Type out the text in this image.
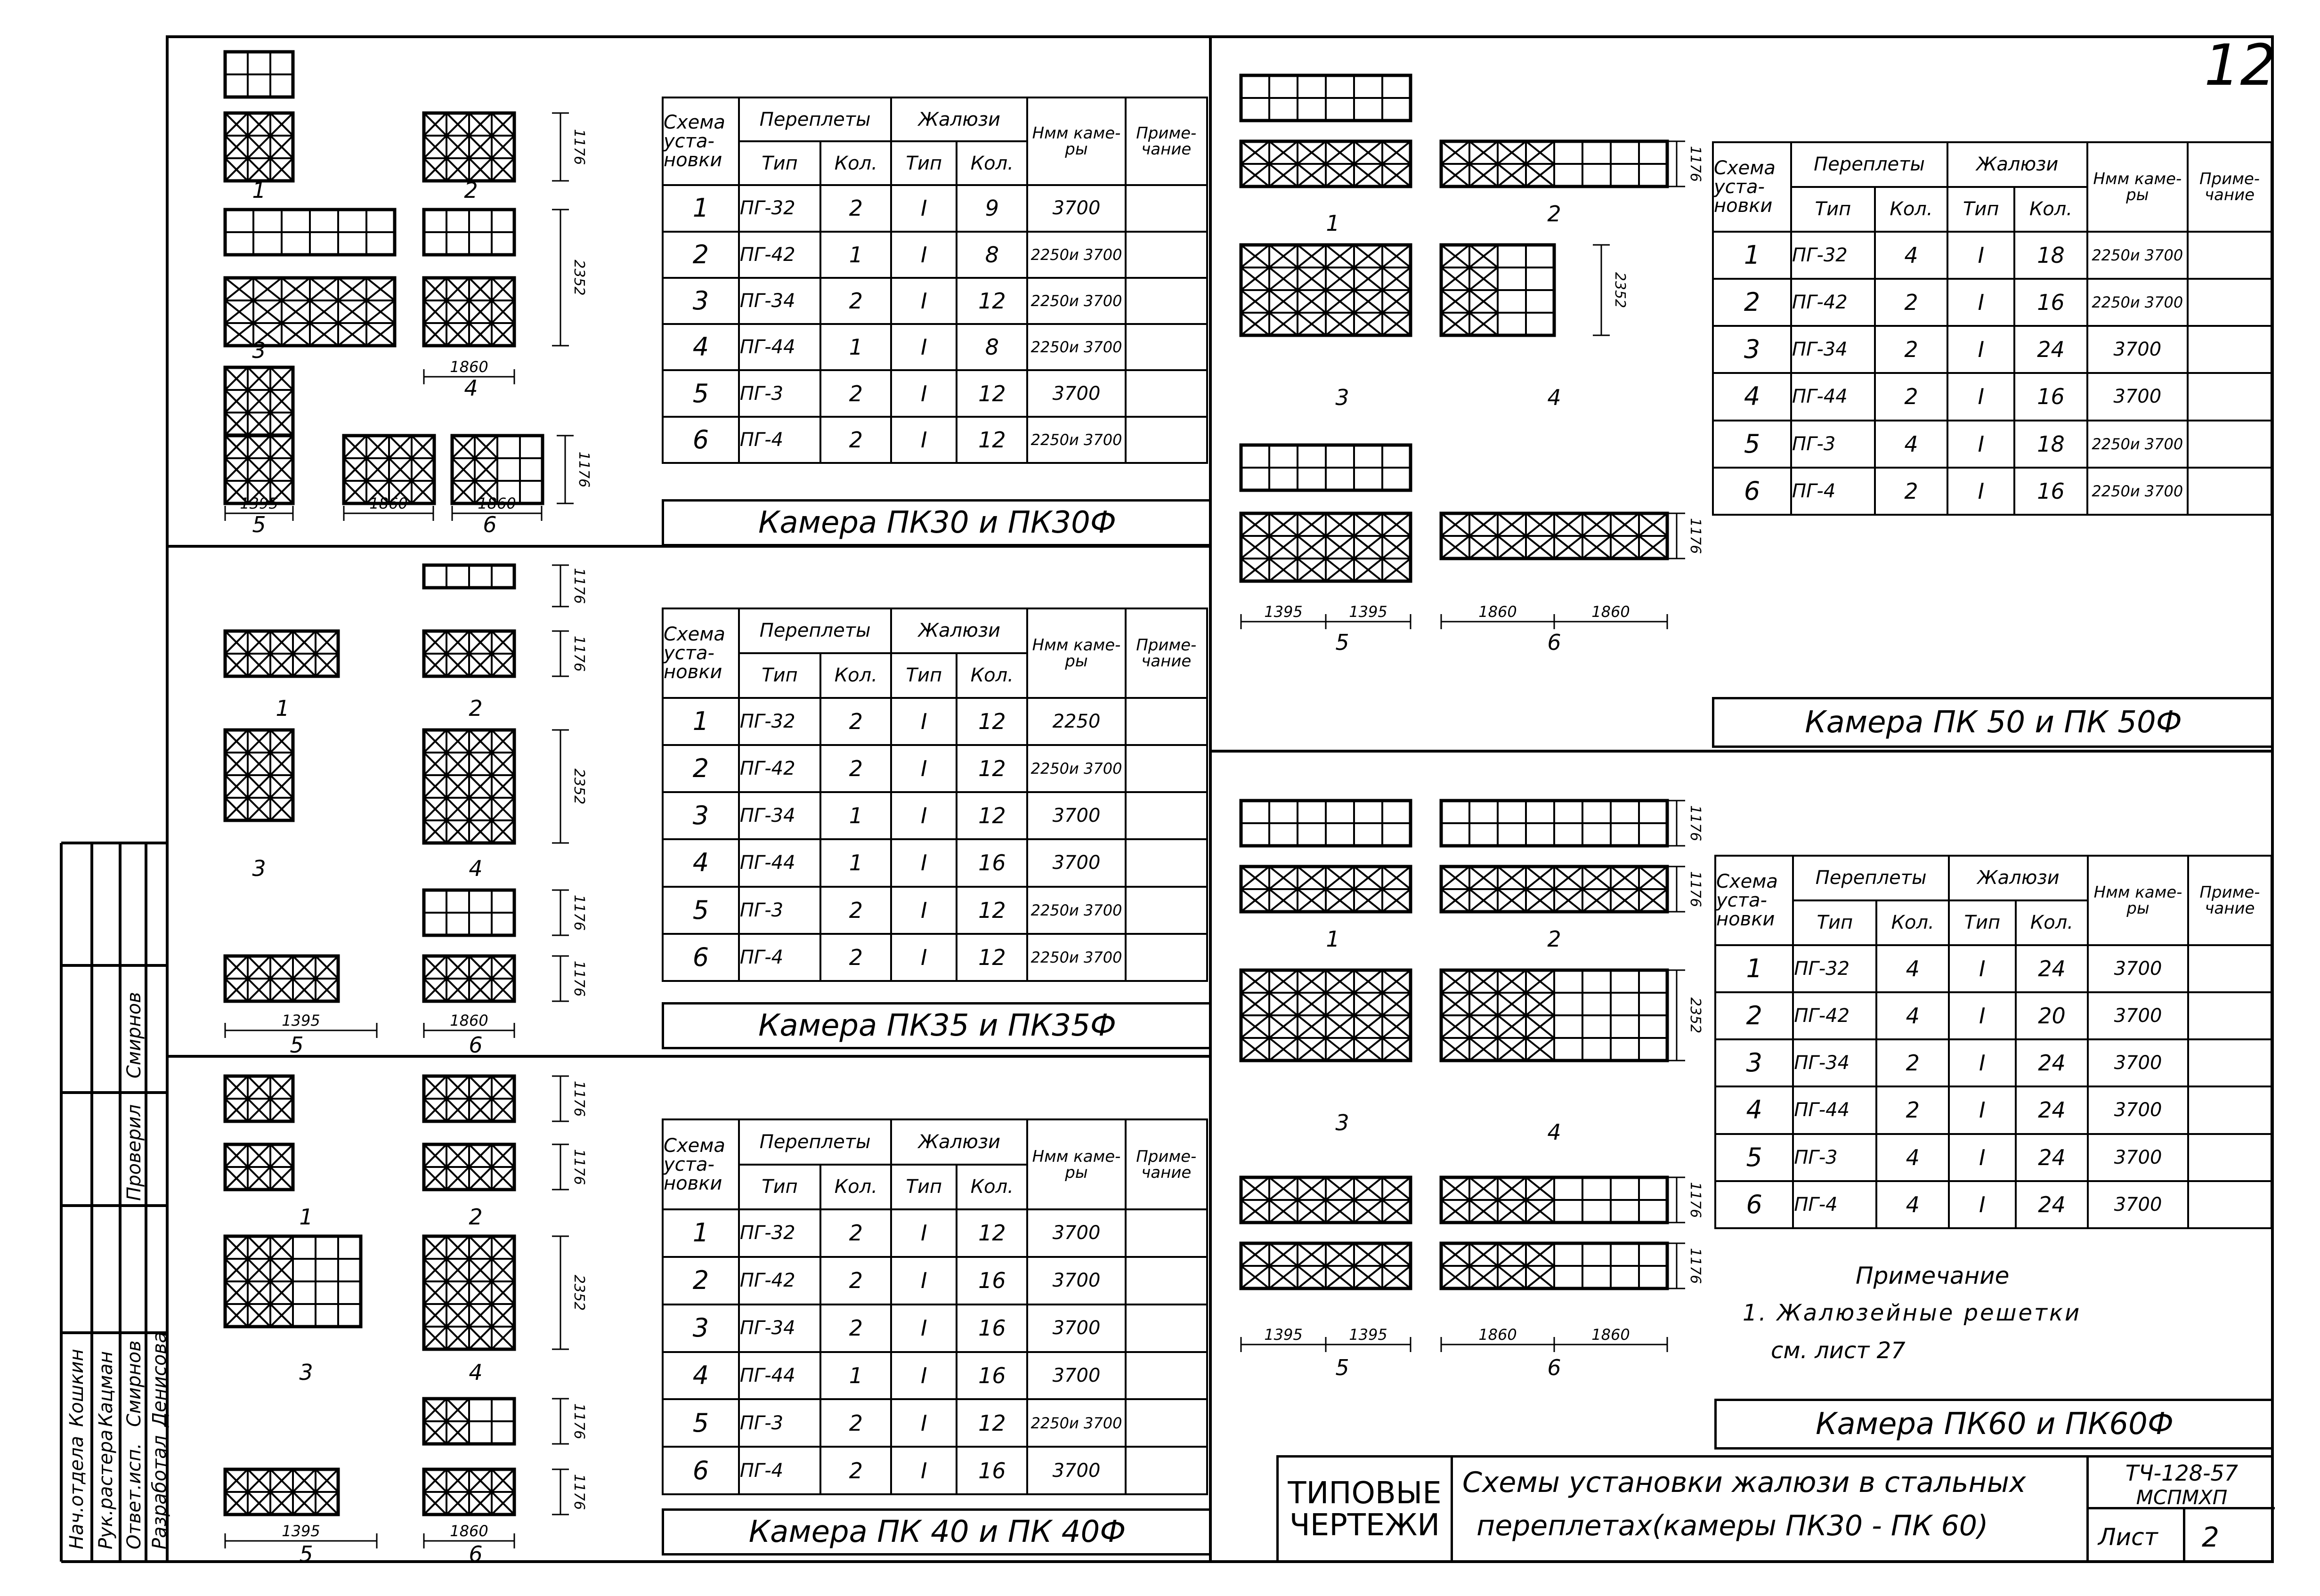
12
Нач.отдела Рук.растера Ответ.исп. Разработал
Кошкин Кацман Смирнов Денисова
Проверил
Смирнов
1
1176
2
3
2352
1860
4
1395
5
1176
1860	1860
6
1
1176
1176
2
3
2352
4
1395
5
1176
1176
1860
6
1
1176
1176
2
3
2352
4
1395
5
1176
1176
1860
6
1
1176
2
3
2352
4
1395	1395
5
1176
1860	1860
6
1
1176
1176
2
3
2352
4
1395	1395
5
1176
1176
1860	1860
6
Схема уста-новки	Переплеты		Жалюзи		Нмм каме-ры	Приме-чание
	Тип	Кол.	Тип	Кол.		
1	ПГ-32	2	I	9	3700	
2	ПГ-42	1	I	8	2250и 3700	
3	ПГ-34	2	I	12	2250и 3700	
4	ПГ-44	1	I	8	2250и 3700	
5	ПГ-3	2	I	12	3700	
6	ПГ-4	2	I	12	2250и 3700	
Камера ПК30 и ПК30Ф
Схема уста-новки	Переплеты		Жалюзи		Нмм каме-ры	Приме-чание
	Тип	Кол.	Тип	Кол.		
1	ПГ-32	2	I	12	2250	
2	ПГ-42	2	I	12	2250и 3700	
3	ПГ-34	1	I	12	3700	
4	ПГ-44	1	I	16	3700	
5	ПГ-3	2	I	12	2250и 3700	
6	ПГ-4	2	I	12	2250и 3700	
Камера ПК35 и ПК35Ф
Схема уста-новки	Переплеты		Жалюзи		Нмм каме-ры	Приме-чание
	Тип	Кол.	Тип	Кол.		
1	ПГ-32	2	I	12	3700	
2	ПГ-42	2	I	16	3700	
3	ПГ-34	2	I	16	3700	
4	ПГ-44	1	I	16	3700	
5	ПГ-3	2	I	12	2250и 3700	
6	ПГ-4	2	I	16	3700	
Камера ПК 40 и ПК 40Ф
Схема уста-новки	Переплеты		Жалюзи		Нмм каме-ры	Приме-чание
	Тип	Кол.	Тип	Кол.		
1	ПГ-32	4	I	18	2250и 3700	
2	ПГ-42	2	I	16	2250и 3700	
3	ПГ-34	2	I	24	3700	
4	ПГ-44	2	I	16	3700	
5	ПГ-3	4	I	18	2250и 3700	
6	ПГ-4	2	I	16	2250и 3700	
Камера ПК 50 и ПК 50Ф
Схема уста-новки	Переплеты		Жалюзи		Нмм каме-ры	Приме-чание
	Тип	Кол.	Тип	Кол.		
1	ПГ-32	4	I	24	3700	
2	ПГ-42	4	I	20	3700	
3	ПГ-34	2	I	24	3700	
4	ПГ-44	2	I	24	3700	
5	ПГ-3	4	I	24	3700	
6	ПГ-4	4	I	24	3700	
Камера ПК60 и ПК60Ф
Примечание
1. Жалюзейные решетки
см. лист 27
ТИПОВЫЕ
ЧЕРТЕЖИ
Схемы установки жалюзи в стальных
переплетах(камеры ПК30 - ПК 60)
ТЧ-128-57
МСПМХП
Лист 2
